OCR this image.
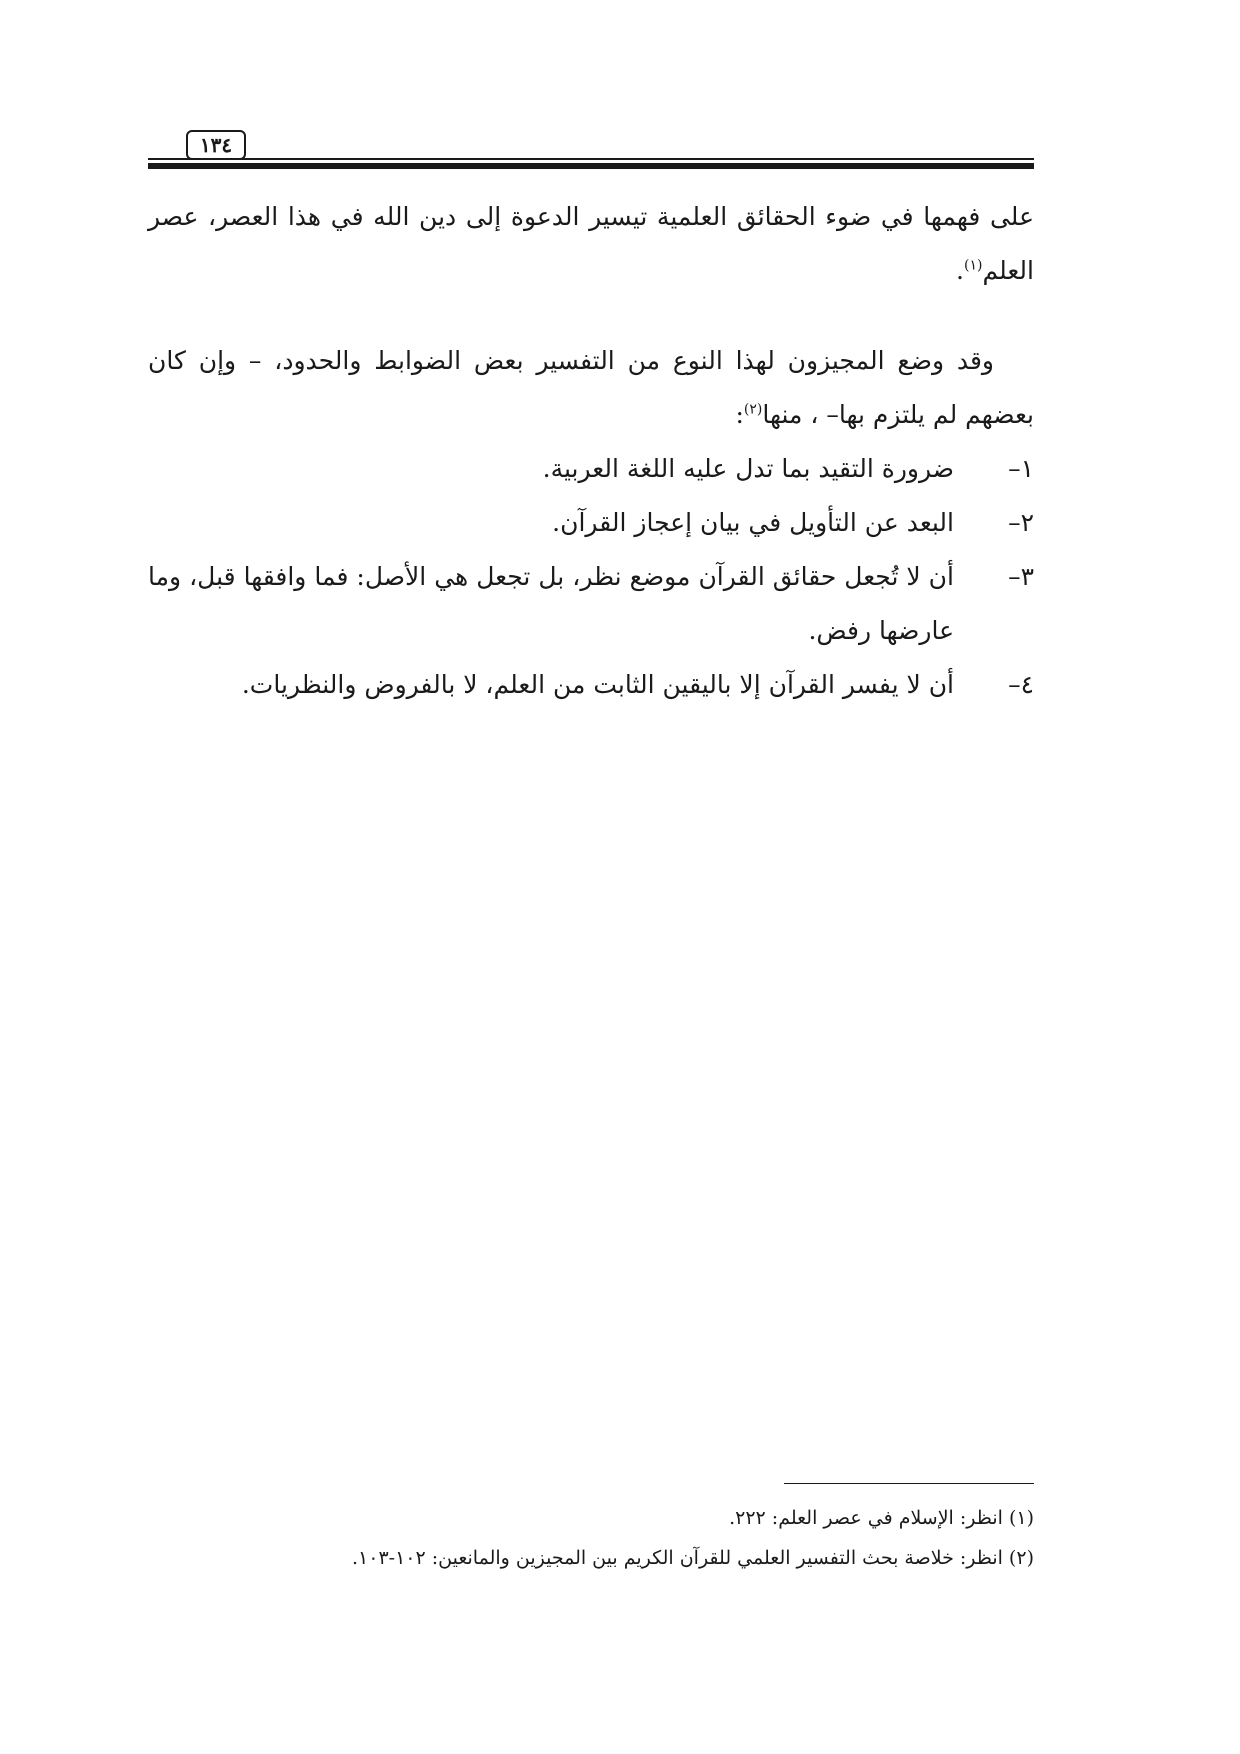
١٣٤

على فهمها في ضوء الحقائق العلمية تيسير الدعوة إلى دين الله في هذا العصر، عصر العلم$^{(١)}$.

وقد وضع المجيزون لهذا النوع من التفسير بعض الضوابط والحدود، – وإن كان بعضهم لم يلتزم بها– ، منها$^{(٢)}$:

١–
ضرورة التقيد بما تدل عليه اللغة العربية.
٢–
البعد عن التأويل في بيان إعجاز القرآن.
٣–
أن لا تُجعل حقائق القرآن موضع نظر، بل تجعل هي الأصل: فما وافقها قبل، وما عارضها رفض.
٤–
أن لا يفسر القرآن إلا باليقين الثابت من العلم، لا بالفروض والنظريات.

(١) انظر: الإسلام في عصر العلم: ٢٢٢.

(٢) انظر: خلاصة بحث التفسير العلمي للقرآن الكريم بين المجيزين والمانعين: ١٠٢-١٠٣.
